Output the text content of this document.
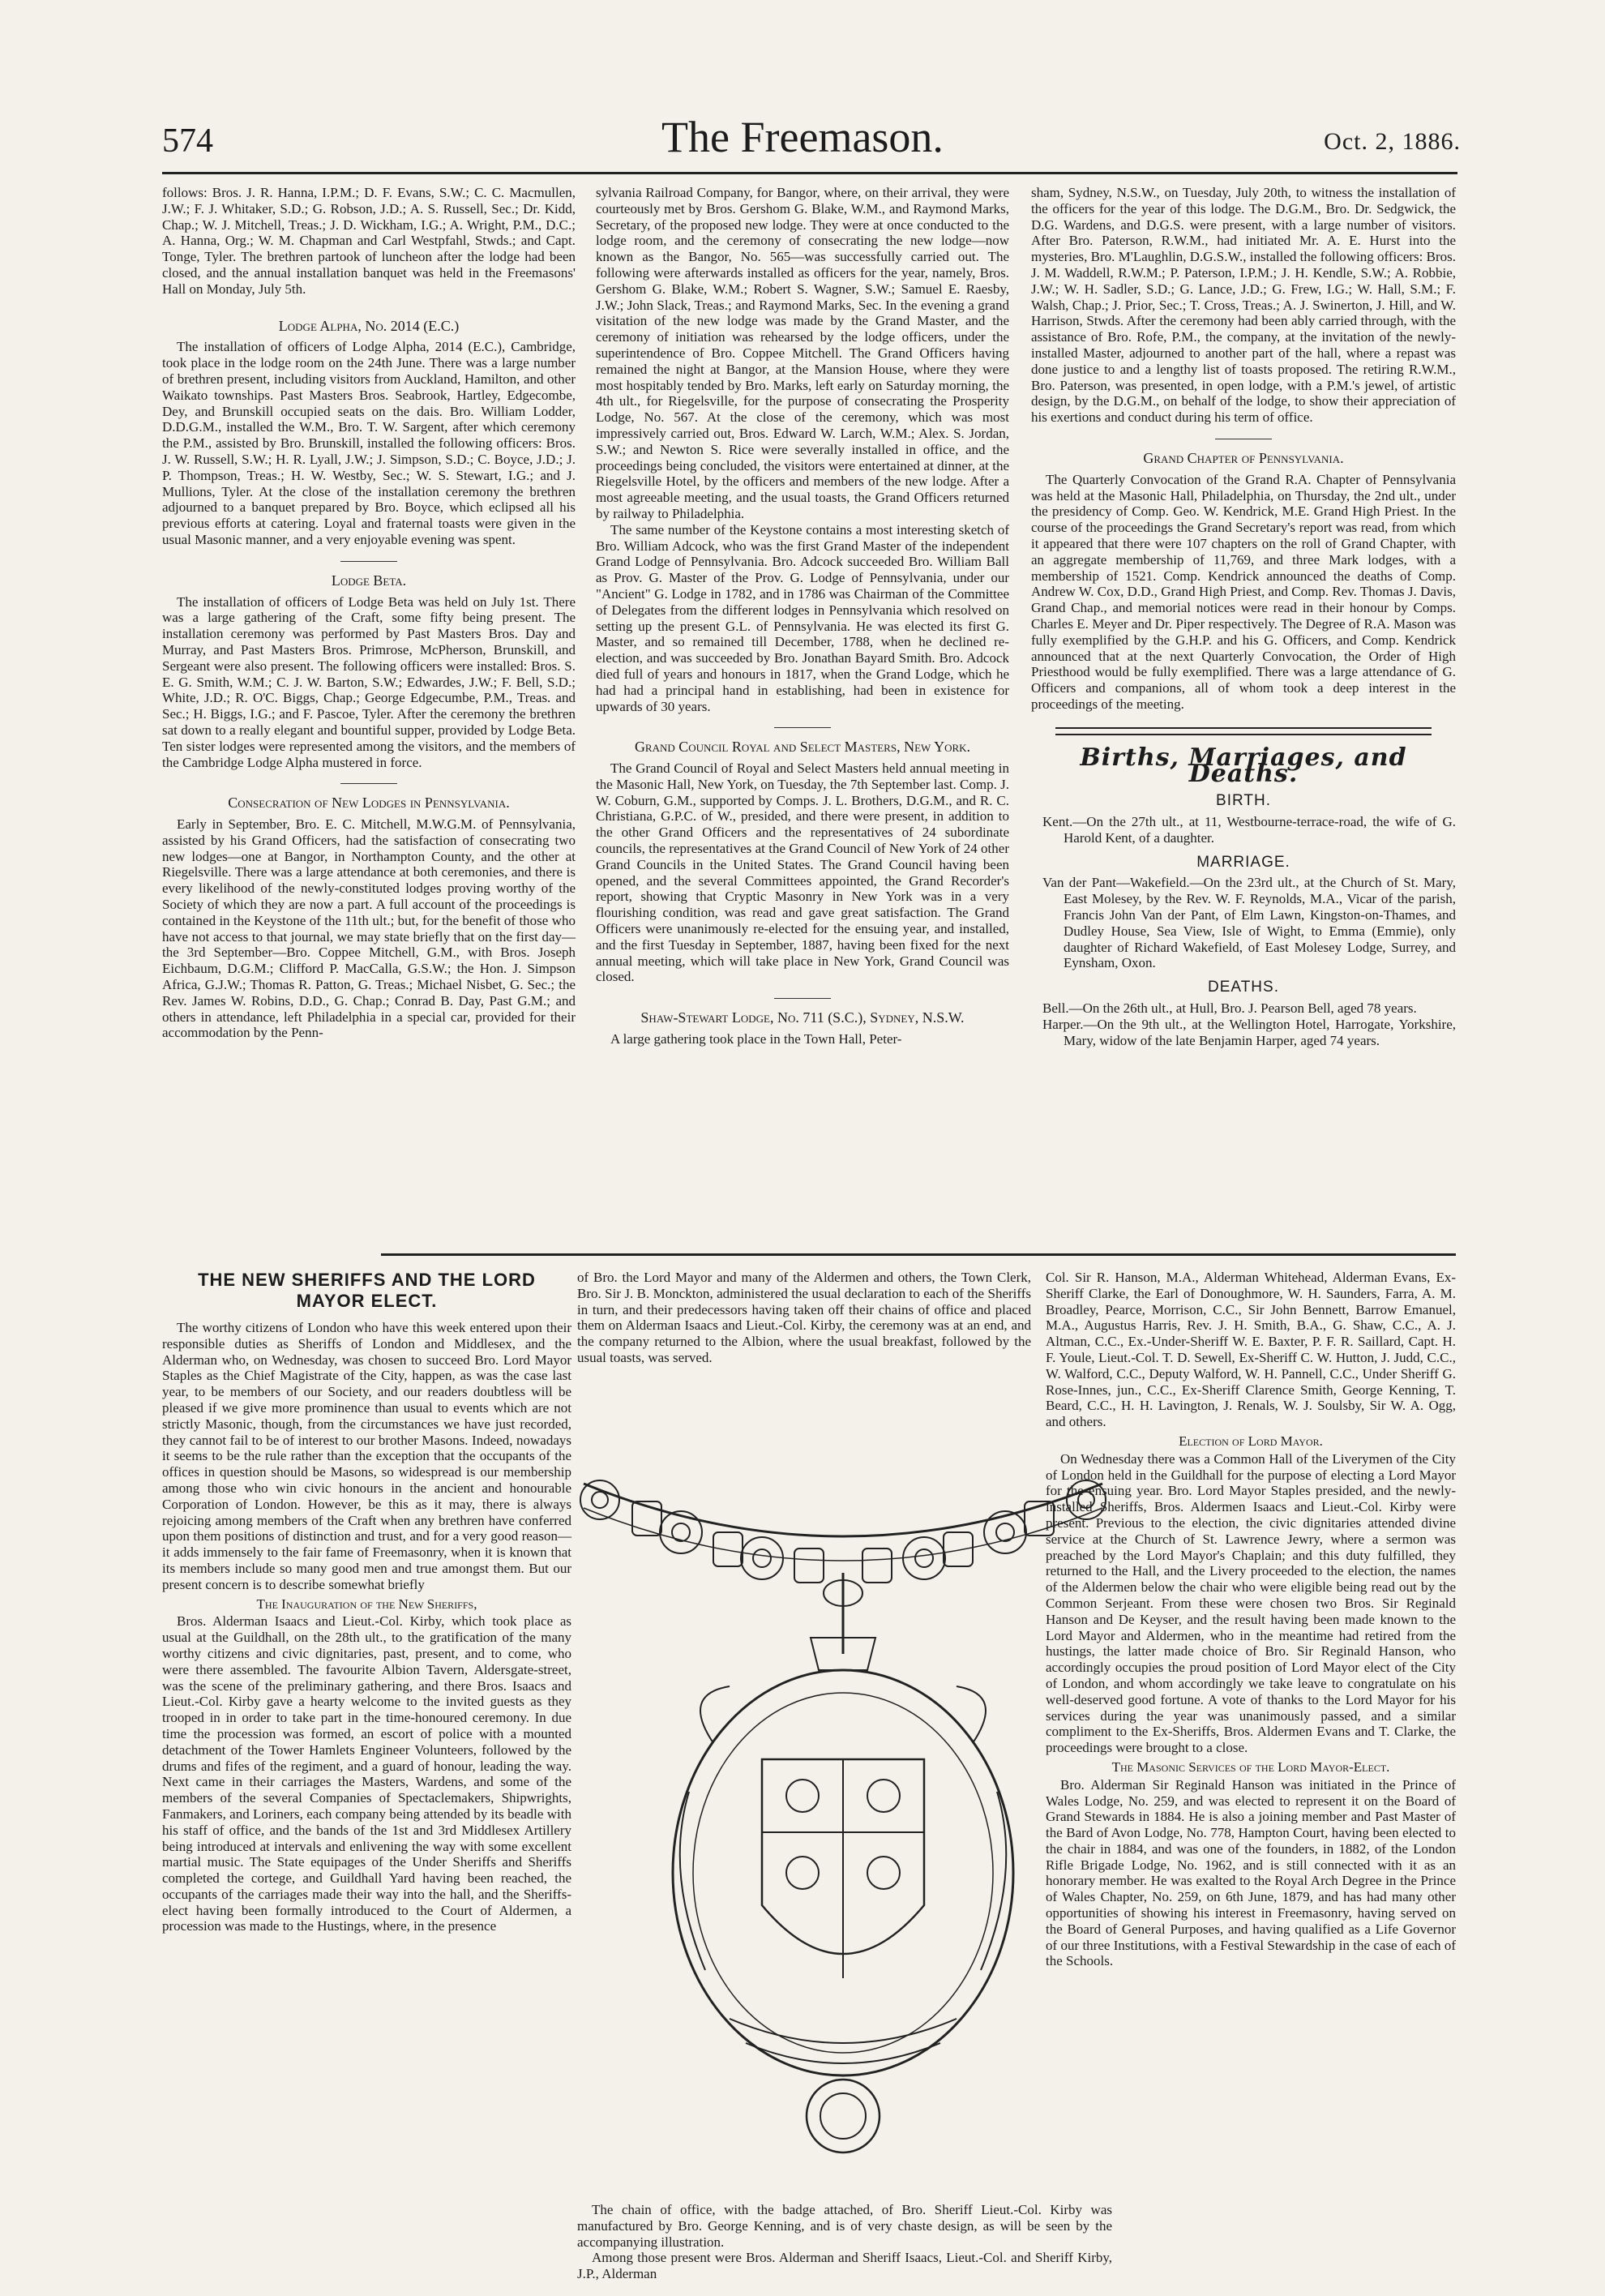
574	The Freemason.	Oct. 2, 1886.

follows: Bros. J. R. Hanna, I.P.M.; D. F. Evans, S.W.; C. C. Macmullen, J.W.; F. J. Whitaker, S.D.; G. Robson, J.D.; A. S. Russell, Sec.; Dr. Kidd, Chap.; W. J. Mitchell, Treas.; J. D. Wickham, I.G.; A. Wright, P.M., D.C.; A. Hanna, Org.; W. M. Chapman and Carl Westpfahl, Stwds.; and Capt. Tonge, Tyler. The brethren partook of luncheon after the lodge had been closed, and the annual installation banquet was held in the Freemasons' Hall on Monday, July 5th.

Lodge Alpha, No. 2014 (E.C.)

The installation of officers of Lodge Alpha, 2014 (E.C.), Cambridge, took place in the lodge room on the 24th June. There was a large number of brethren present, including visitors from Auckland, Hamilton, and other Waikato townships. Past Masters Bros. Seabrook, Hartley, Edgecombe, Dey, and Brunskill occupied seats on the dais. Bro. William Lodder, D.D.G.M., installed the W.M., Bro. T. W. Sargent, after which ceremony the P.M., assisted by Bro. Brunskill, installed the following officers: Bros. J. W. Russell, S.W.; H. R. Lyall, J.W.; J. Simpson, S.D.; C. Boyce, J.D.; J. P. Thompson, Treas.; H. W. Westby, Sec.; W. S. Stewart, I.G.; and J. Mullions, Tyler. At the close of the installation ceremony the brethren adjourned to a banquet prepared by Bro. Boyce, which eclipsed all his previous efforts at catering. Loyal and fraternal toasts were given in the usual Masonic manner, and a very enjoyable evening was spent.

Lodge Beta.

The installation of officers of Lodge Beta was held on July 1st. There was a large gathering of the Craft, some fifty being present. The installation ceremony was performed by Past Masters Bros. Day and Murray, and Past Masters Bros. Primrose, McPherson, Brunskill, and Sergeant were also present. The following officers were installed: Bros. S. E. G. Smith, W.M.; C. J. W. Barton, S.W.; Edwardes, J.W.; F. Bell, S.D.; White, J.D.; R. O'C. Biggs, Chap.; George Edgecumbe, P.M., Treas. and Sec.; H. Biggs, I.G.; and F. Pascoe, Tyler. After the ceremony the brethren sat down to a really elegant and bountiful supper, provided by Lodge Beta. Ten sister lodges were represented among the visitors, and the members of the Cambridge Lodge Alpha mustered in force.

Consecration of New Lodges in Pennsylvania.

Early in September, Bro. E. C. Mitchell, M.W.G.M. of Pennsylvania, assisted by his Grand Officers, had the satisfaction of consecrating two new lodges—one at Bangor, in Northampton County, and the other at Riegelsville. There was a large attendance at both ceremonies, and there is every likelihood of the newly-constituted lodges proving worthy of the Society of which they are now a part. A full account of the proceedings is contained in the Keystone of the 11th ult.; but, for the benefit of those who have not access to that journal, we may state briefly that on the first day—the 3rd September—Bro. Coppee Mitchell, G.M., with Bros. Joseph Eichbaum, D.G.M.; Clifford P. MacCalla, G.S.W.; the Hon. J. Simpson Africa, G.J.W.; Thomas R. Patton, G. Treas.; Michael Nisbet, G. Sec.; the Rev. James W. Robins, D.D., G. Chap.; Conrad B. Day, Past G.M.; and others in attendance, left Philadelphia in a special car, provided for their accommodation by the Penn-

sylvania Railroad Company, for Bangor, where, on their arrival, they were courteously met by Bros. Gershom G. Blake, W.M., and Raymond Marks, Secretary, of the proposed new lodge. They were at once conducted to the lodge room, and the ceremony of consecrating the new lodge—now known as the Bangor, No. 565—was successfully carried out. The following were afterwards installed as officers for the year, namely, Bros. Gershom G. Blake, W.M.; Robert S. Wagner, S.W.; Samuel E. Raesby, J.W.; John Slack, Treas.; and Raymond Marks, Sec. In the evening a grand visitation of the new lodge was made by the Grand Master, and the ceremony of initiation was rehearsed by the lodge officers, under the superintendence of Bro. Coppee Mitchell. The Grand Officers having remained the night at Bangor, at the Mansion House, where they were most hospitably tended by Bro. Marks, left early on Saturday morning, the 4th ult., for Riegelsville, for the purpose of consecrating the Prosperity Lodge, No. 567. At the close of the ceremony, which was most impressively carried out, Bros. Edward W. Larch, W.M.; Alex. S. Jordan, S.W.; and Newton S. Rice were severally installed in office, and the proceedings being concluded, the visitors were entertained at dinner, at the Riegelsville Hotel, by the officers and members of the new lodge. After a most agreeable meeting, and the usual toasts, the Grand Officers returned by railway to Philadelphia.

The same number of the Keystone contains a most interesting sketch of Bro. William Adcock, who was the first Grand Master of the independent Grand Lodge of Pennsylvania. Bro. Adcock succeeded Bro. William Ball as Prov. G. Master of the Prov. G. Lodge of Pennsylvania, under our "Ancient" G. Lodge in 1782, and in 1786 was Chairman of the Committee of Delegates from the different lodges in Pennsylvania which resolved on setting up the present G.L. of Pennsylvania. He was elected its first G. Master, and so remained till December, 1788, when he declined re-election, and was succeeded by Bro. Jonathan Bayard Smith. Bro. Adcock died full of years and honours in 1817, when the Grand Lodge, which he had had a principal hand in establishing, had been in existence for upwards of 30 years.

Grand Council Royal and Select Masters, New York.

The Grand Council of Royal and Select Masters held annual meeting in the Masonic Hall, New York, on Tuesday, the 7th September last. Comp. J. W. Coburn, G.M., supported by Comps. J. L. Brothers, D.G.M., and R. C. Christiana, G.P.C. of W., presided, and there were present, in addition to the other Grand Officers and the representatives of 24 subordinate councils, the representatives at the Grand Council of New York of 24 other Grand Councils in the United States. The Grand Council having been opened, and the several Committees appointed, the Grand Recorder's report, showing that Cryptic Masonry in New York was in a very flourishing condition, was read and gave great satisfaction. The Grand Officers were unanimously re-elected for the ensuing year, and installed, and the first Tuesday in September, 1887, having been fixed for the next annual meeting, which will take place in New York, Grand Council was closed.

Shaw-Stewart Lodge, No. 711 (S.C.), Sydney, N.S.W.

A large gathering took place in the Town Hall, Peter-

sham, Sydney, N.S.W., on Tuesday, July 20th, to witness the installation of the officers for the year of this lodge. The D.G.M., Bro. Dr. Sedgwick, the D.G. Wardens, and D.G.S. were present, with a large number of visitors. After Bro. Paterson, R.W.M., had initiated Mr. A. E. Hurst into the mysteries, Bro. M'Laughlin, D.G.S.W., installed the following officers: Bros. J. M. Waddell, R.W.M.; P. Paterson, I.P.M.; J. H. Kendle, S.W.; A. Robbie, J.W.; W. H. Sadler, S.D.; G. Lance, J.D.; G. Frew, I.G.; W. Hall, S.M.; F. Walsh, Chap.; J. Prior, Sec.; T. Cross, Treas.; A. J. Swinerton, J. Hill, and W. Harrison, Stwds. After the ceremony had been ably carried through, with the assistance of Bro. Rofe, P.M., the company, at the invitation of the newly-installed Master, adjourned to another part of the hall, where a repast was done justice to and a lengthy list of toasts proposed. The retiring R.W.M., Bro. Paterson, was presented, in open lodge, with a P.M.'s jewel, of artistic design, by the D.G.M., on behalf of the lodge, to show their appreciation of his exertions and conduct during his term of office.

Grand Chapter of Pennsylvania.

The Quarterly Convocation of the Grand R.A. Chapter of Pennsylvania was held at the Masonic Hall, Philadelphia, on Thursday, the 2nd ult., under the presidency of Comp. Geo. W. Kendrick, M.E. Grand High Priest. In the course of the proceedings the Grand Secretary's report was read, from which it appeared that there were 107 chapters on the roll of Grand Chapter, with an aggregate membership of 11,769, and three Mark lodges, with a membership of 1521. Comp. Kendrick announced the deaths of Comp. Andrew W. Cox, D.D., Grand High Priest, and Comp. Rev. Thomas J. Davis, Grand Chap., and memorial notices were read in their honour by Comps. Charles E. Meyer and Dr. Piper respectively. The Degree of R.A. Mason was fully exemplified by the G.H.P. and his G. Officers, and Comp. Kendrick announced that at the next Quarterly Convocation, the Order of High Priesthood would be fully exemplified. There was a large attendance of G. Officers and companions, all of whom took a deep interest in the proceedings of the meeting.

Births, Marriages, and Deaths.
BIRTH.

Kent.—On the 27th ult., at 11, Westbourne-terrace-road, the wife of G. Harold Kent, of a daughter.

MARRIAGE.

Van der Pant—Wakefield.—On the 23rd ult., at the Church of St. Mary, East Molesey, by the Rev. W. F. Reynolds, M.A., Vicar of the parish, Francis John Van der Pant, of Elm Lawn, Kingston-on-Thames, and Dudley House, Sea View, Isle of Wight, to Emma (Emmie), only daughter of Richard Wakefield, of East Molesey Lodge, Surrey, and Eynsham, Oxon.

DEATHS.

Bell.—On the 26th ult., at Hull, Bro. J. Pearson Bell, aged 78 years.

Harper.—On the 9th ult., at the Wellington Hotel, Harrogate, Yorkshire, Mary, widow of the late Benjamin Harper, aged 74 years.

THE NEW SHERIFFS AND THE LORD MAYOR ELECT.

The worthy citizens of London who have this week entered upon their responsible duties as Sheriffs of London and Middlesex, and the Alderman who, on Wednesday, was chosen to succeed Bro. Lord Mayor Staples as the Chief Magistrate of the City, happen, as was the case last year, to be members of our Society, and our readers doubtless will be pleased if we give more prominence than usual to events which are not strictly Masonic, though, from the circumstances we have just recorded, they cannot fail to be of interest to our brother Masons. Indeed, nowadays it seems to be the rule rather than the exception that the occupants of the offices in question should be Masons, so widespread is our membership among those who win civic honours in the ancient and honourable Corporation of London. However, be this as it may, there is always rejoicing among members of the Craft when any brethren have conferred upon them positions of distinction and trust, and for a very good reason—it adds immensely to the fair fame of Freemasonry, when it is known that its members include so many good men and true amongst them. But our present concern is to describe somewhat briefly

The Inauguration of the New Sheriffs,

Bros. Alderman Isaacs and Lieut.-Col. Kirby, which took place as usual at the Guildhall, on the 28th ult., to the gratification of the many worthy citizens and civic dignitaries, past, present, and to come, who were there assembled. The favourite Albion Tavern, Aldersgate-street, was the scene of the preliminary gathering, and there Bros. Isaacs and Lieut.-Col. Kirby gave a hearty welcome to the invited guests as they trooped in in order to take part in the time-honoured ceremony. In due time the procession was formed, an escort of police with a mounted detachment of the Tower Hamlets Engineer Volunteers, followed by the drums and fifes of the regiment, and a guard of honour, leading the way. Next came in their carriages the Masters, Wardens, and some of the members of the several Companies of Spectaclemakers, Shipwrights, Fanmakers, and Loriners, each company being attended by its beadle with his staff of office, and the bands of the 1st and 3rd Middlesex Artillery being introduced at intervals and enlivening the way with some excellent martial music. The State equipages of the Under Sheriffs and Sheriffs completed the cortege, and Guildhall Yard having been reached, the occupants of the carriages made their way into the hall, and the Sheriffs-elect having been formally introduced to the Court of Aldermen, a procession was made to the Hustings, where, in the presence

of Bro. the Lord Mayor and many of the Aldermen and others, the Town Clerk, Bro. Sir J. B. Monckton, administered the usual declaration to each of the Sheriffs in turn, and their predecessors having taken off their chains of office and placed them on Alderman Isaacs and Lieut.-Col. Kirby, the ceremony was at an end, and the company returned to the Albion, where the usual breakfast, followed by the usual toasts, was served.

The chain of office, with the badge attached, of Bro. Sheriff Lieut.-Col. Kirby was manufactured by Bro. George Kenning, and is of very chaste design, as will be seen by the accompanying illustration.

Among those present were Bros. Alderman and Sheriff Isaacs, Lieut.-Col. and Sheriff Kirby, J.P., Alderman

Col. Sir R. Hanson, M.A., Alderman Whitehead, Alderman Evans, Ex-Sheriff Clarke, the Earl of Donoughmore, W. H. Saunders, Farra, A. M. Broadley, Pearce, Morrison, C.C., Sir John Bennett, Barrow Emanuel, M.A., Augustus Harris, Rev. J. H. Smith, B.A., G. Shaw, C.C., A. J. Altman, C.C., Ex.-Under-Sheriff W. E. Baxter, P. F. R. Saillard, Capt. H. F. Youle, Lieut.-Col. T. D. Sewell, Ex-Sheriff C. W. Hutton, J. Judd, C.C., W. Walford, C.C., Deputy Walford, W. H. Pannell, C.C., Under Sheriff G. Rose-Innes, jun., C.C., Ex-Sheriff Clarence Smith, George Kenning, T. Beard, C.C., H. H. Lavington, J. Renals, W. J. Soulsby, Sir W. A. Ogg, and others.

Election of Lord Mayor.

On Wednesday there was a Common Hall of the Liverymen of the City of London held in the Guildhall for the purpose of electing a Lord Mayor for the ensuing year. Bro. Lord Mayor Staples presided, and the newly-installed Sheriffs, Bros. Aldermen Isaacs and Lieut.-Col. Kirby were present. Previous to the election, the civic dignitaries attended divine service at the Church of St. Lawrence Jewry, where a sermon was preached by the Lord Mayor's Chaplain; and this duty fulfilled, they returned to the Hall, and the Livery proceeded to the election, the names of the Aldermen below the chair who were eligible being read out by the Common Serjeant. From these were chosen two Bros. Sir Reginald Hanson and De Keyser, and the result having been made known to the Lord Mayor and Aldermen, who in the meantime had retired from the hustings, the latter made choice of Bro. Sir Reginald Hanson, who accordingly occupies the proud position of Lord Mayor elect of the City of London, and whom accordingly we take leave to congratulate on his well-deserved good fortune. A vote of thanks to the Lord Mayor for his services during the year was unanimously passed, and a similar compliment to the Ex-Sheriffs, Bros. Aldermen Evans and T. Clarke, the proceedings were brought to a close.

The Masonic Services of the Lord Mayor-Elect.

Bro. Alderman Sir Reginald Hanson was initiated in the Prince of Wales Lodge, No. 259, and was elected to represent it on the Board of Grand Stewards in 1884. He is also a joining member and Past Master of the Bard of Avon Lodge, No. 778, Hampton Court, having been elected to the chair in 1884, and was one of the founders, in 1882, of the London Rifle Brigade Lodge, No. 1962, and is still connected with it as an honorary member. He was exalted to the Royal Arch Degree in the Prince of Wales Chapter, No. 259, on 6th June, 1879, and has had many other opportunities of showing his interest in Freemasonry, having served on the Board of General Purposes, and having qualified as a Life Governor of our three Institutions, with a Festival Stewardship in the case of each of the Schools.
